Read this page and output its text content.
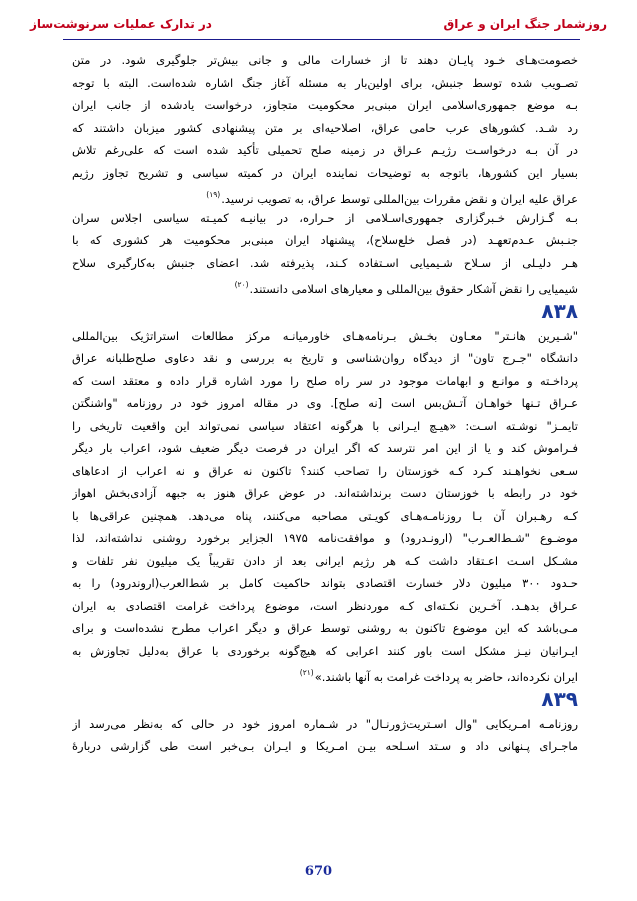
روزشمار جنگ ایران و عراق
در تدارک عملیات سرنوشت‌ساز
خصومت‌هـای خـود پایـان دهند تا از خسارات مالی و جانی بیش‌تر جلوگیری شود. در متن
تصـویب شده توسط جنبش، برای اولین‌بار به مسئله آغاز جنگ اشاره شده‌است. البته با توجه
بـه موضع جمهوری‌اسلامی ایران مبنی‌بر محکومیت متجاوز، درخواست یادشده از جانب ایران
رد شـد. کشورهای عرب حامی عراق، اصلاحیه‌ای بر متن پیشنهادی کشور میزبان داشتند که
در آن بـه درخواسـت رژیـم عـراق در زمینه صلح تحمیلی تأکید شده است که علی‌رغم تلاش
بسیار این کشورها، باتوجه به توضیحات نماینده ایران در کمیته سیاسی و تشریح تجاوز رژیم
عراق علیه ایران و نقض مقررات بین‌المللی توسط عراق، به تصویب نرسید.$^{(۱۹)}$
بـه گـزارش خـبرگزاری جمهوری‌اسـلامی از حـراره، در بیانیـه کمیـته سیاسی اجلاس سران
جنـبش عـدم‌تعهـد (در فصل خلع‌سلاح)، پیشنهاد ایران مبنی‌بر محکومیت هر کشوری که با
هـر دلیـلی از سـلاح شـیمیایی اسـتفاده کـند، پذیرفته شد. اعضای جنبش به‌کارگیری سلاح
شیمیایی را نقض آشکار حقوق بین‌المللی و معیارهای اسلامی دانستند.$^{(۲۰)}$
۸۳۸
"شـیرین هانـتر" معـاون بخـش بـرنامه‌هـای خاورمیانـه مرکز مطالعات استراتژیک بین‌المللی
دانشگاه "جـرج تاون" از دیدگاه روان‌شناسی و تاریخ به بررسی و نقد دعاوی صلح‌طلبانه عراق
پرداخـته و موانـع و ابهامات موجود در سر راه صلح را مورد اشاره قرار داده و معتقد است که
عـراق تـنها خواهـان آتـش‌بس است [نه صلح]. وی در مقاله امروز خود در روزنامه "واشنگتن
تایمـز" نوشـته اسـت: «هیـچ ایـرانی با هرگونه اعتقاد سیاسی نمی‌تواند این واقعیت تاریخی را
فـراموش کند و یا از این امر نترسد که اگر ایران در فرصت دیگر ضعیف شود، اعراب بار دیگر
سـعی نخواهـند کـرد کـه خوزستان را تصاحب کنند؟ تاکنون نه عراق و نه اعراب از ادعاهای
خود در رابطه با خوزستان دست برنداشته‌اند. در عوض عراق هنوز به جبهه آزادی‌بخش اهواز
کـه رهـبران آن بـا روزنامـه‌هـای کویـتی مصاحبه می‌کنند، پناه می‌دهد. همچنین عراقی‌ها با
موضـوع "شـط‌العـرب" (ارونـدرود) و موافقت‌نامه ۱۹۷۵ الجزایر برخورد روشنی نداشته‌اند، لذا
مشـکل اسـت اعـتقاد داشت کـه هر رژیم ایرانی بعد از دادن تقریباً یک میلیون نفر تلفات و
حـدود ۳۰۰ میلیون دلار خسارت اقتصادی بتواند حاکمیت کامل بر شط‌العرب(اروندرود) را به
عـراق بدهـد. آخـرین نکـته‌ای کـه موردنظر است، موضوع پرداخت غرامت اقتصادی به ایران
مـی‌باشد که این موضوع تاکنون به روشنی توسط عراق و دیگر اعراب مطرح نشده‌است و برای
ایـرانیان نیـز مشکل است باور کنند اعرابی که هیچ‌گونه برخوردی با عراق به‌دلیل تجاوزش به
ایران نکرده‌اند، حاضر به پرداخت غرامت به آنها باشند.»$^{(۲۱)}$
۸۳۹
روزنامـه امـریکایی "وال اسـتریت‌ژورنـال" در شـماره امروز خود در حالی که به‌نظر می‌رسد از
ماجـرای پـنهانی داد و سـتد اسـلحه بیـن امـریکا و ایـران بـی‌خبر است طی گزارشی دربارهٔ
670
